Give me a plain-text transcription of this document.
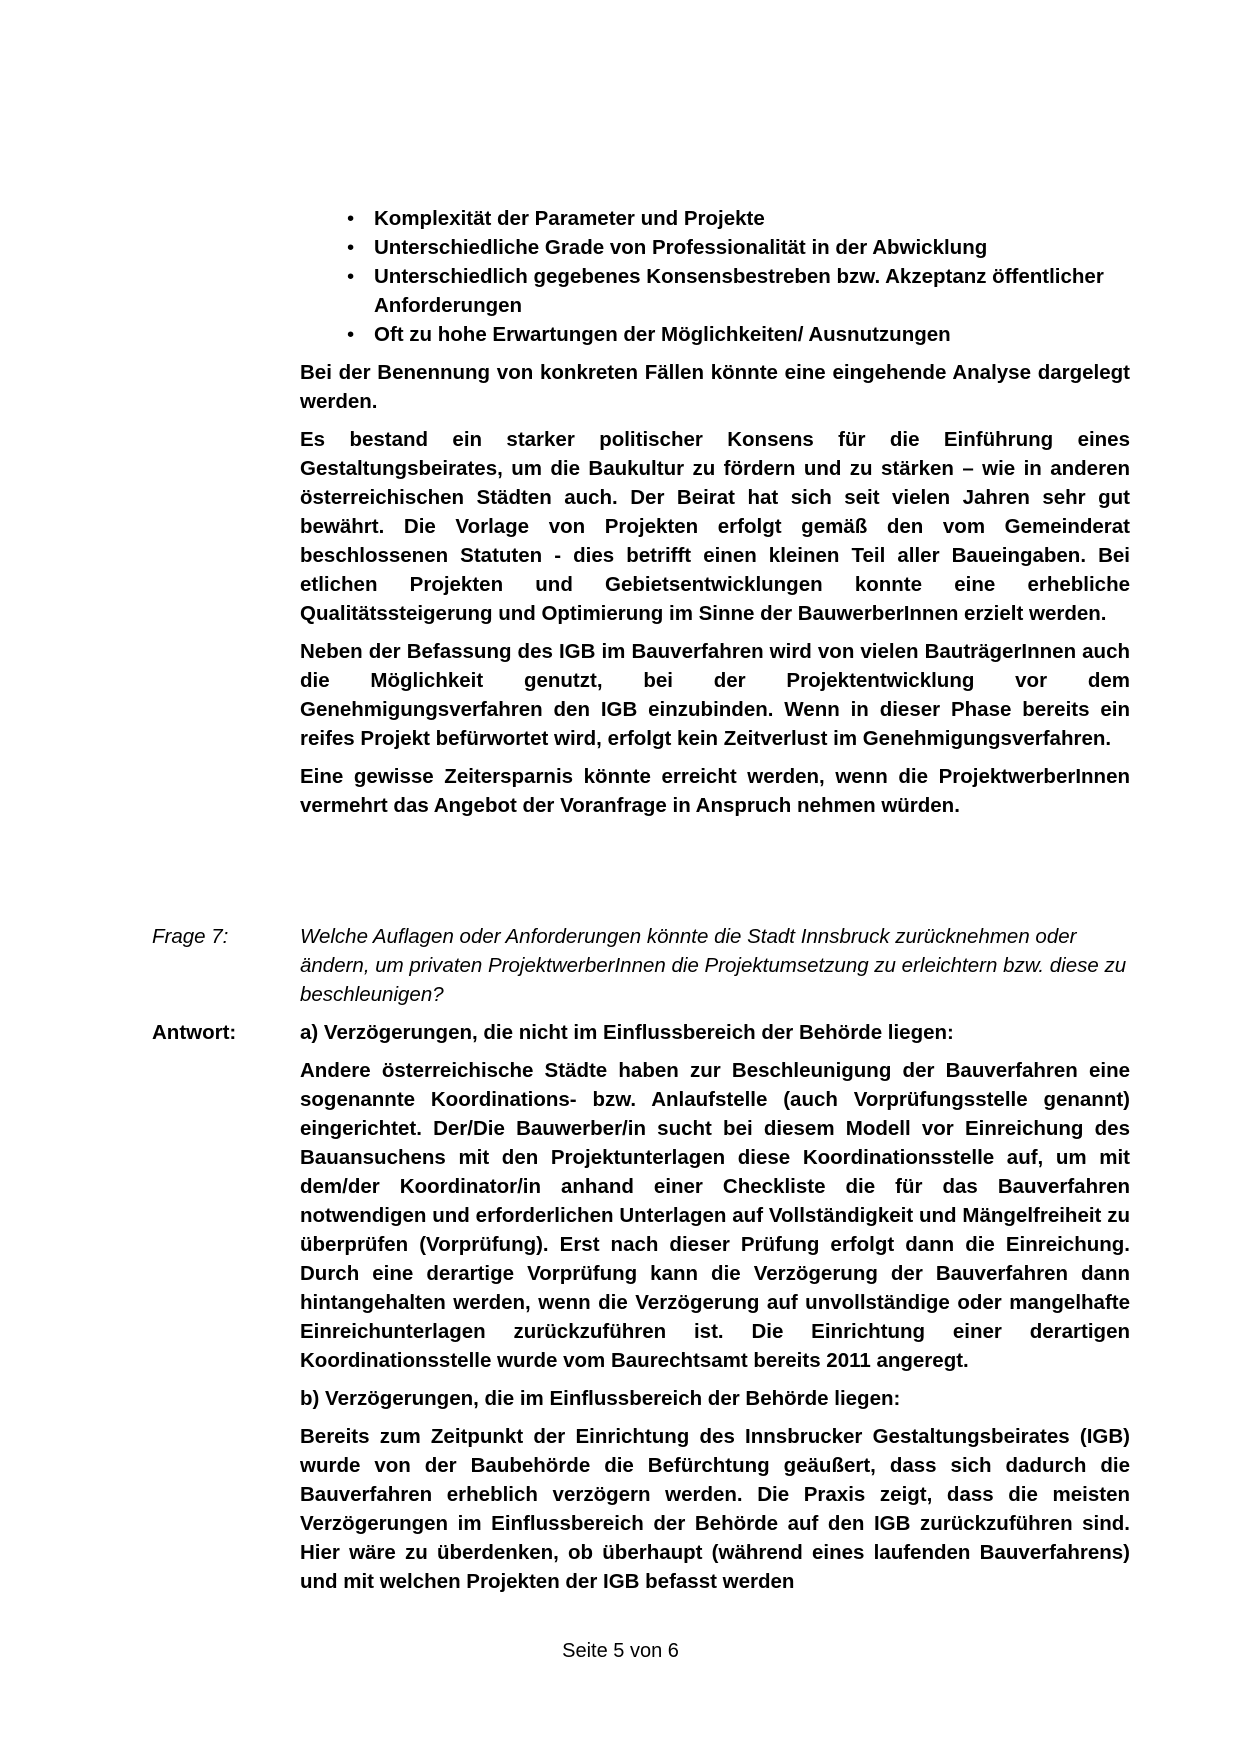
• Komplexität der Parameter und Projekte
• Unterschiedliche Grade von Professionalität in der Abwicklung
• Unterschiedlich gegebenes Konsensbestreben bzw. Akzeptanz öffentlicher Anforderungen
• Oft zu hohe Erwartungen der Möglichkeiten/ Ausnutzungen

Bei der Benennung von konkreten Fällen könnte eine eingehende Analyse dargelegt werden.

Es bestand ein starker politischer Konsens für die Einführung eines Gestaltungsbeirates, um die Baukultur zu fördern und zu stärken – wie in anderen österreichischen Städten auch. Der Beirat hat sich seit vielen Jahren sehr gut bewährt. Die Vorlage von Projekten erfolgt gemäß den vom Gemeinderat beschlossenen Statuten - dies betrifft einen kleinen Teil aller Baueingaben. Bei etlichen Projekten und Gebietsentwicklungen konnte eine erhebliche Qualitätssteigerung und Optimierung im Sinne der BauwerberInnen erzielt werden.

Neben der Befassung des IGB im Bauverfahren wird von vielen BauträgerInnen auch die Möglichkeit genutzt, bei der Projektentwicklung vor dem Genehmigungsverfahren den IGB einzubinden. Wenn in dieser Phase bereits ein reifes Projekt befürwortet wird, erfolgt kein Zeitverlust im Genehmigungsverfahren.

Eine gewisse Zeitersparnis könnte erreicht werden, wenn die ProjektwerberInnen vermehrt das Angebot der Voranfrage in Anspruch nehmen würden.

Frage 7:	Welche Auflagen oder Anforderungen könnte die Stadt Innsbruck zurücknehmen oder ändern, um privaten ProjektwerberInnen die Projektumsetzung zu erleichtern bzw. diese zu beschleunigen?
Antwort:	a) Verzögerungen, die nicht im Einflussbereich der Behörde liegen:

Andere österreichische Städte haben zur Beschleunigung der Bauverfahren eine sogenannte Koordinations- bzw. Anlaufstelle (auch Vorprüfungsstelle genannt) eingerichtet. Der/Die Bauwerber/in sucht bei diesem Modell vor Einreichung des Bauansuchens mit den Projektunterlagen diese Koordinationsstelle auf, um mit dem/der Koordinator/in anhand einer Checkliste die für das Bauverfahren notwendigen und erforderlichen Unterlagen auf Vollständigkeit und Mängelfreiheit zu überprüfen (Vorprüfung). Erst nach dieser Prüfung erfolgt dann die Einreichung. Durch eine derartige Vorprüfung kann die Verzögerung der Bauverfahren dann hintangehalten werden, wenn die Verzögerung auf unvollständige oder mangelhafte Einreichunterlagen zurückzuführen ist. Die Einrichtung einer derartigen Koordinationsstelle wurde vom Baurechtsamt bereits 2011 angeregt.

b) Verzögerungen, die im Einflussbereich der Behörde liegen:

Bereits zum Zeitpunkt der Einrichtung des Innsbrucker Gestaltungsbeirates (IGB) wurde von der Baubehörde die Befürchtung geäußert, dass sich dadurch die Bauverfahren erheblich verzögern werden. Die Praxis zeigt, dass die meisten Verzögerungen im Einflussbereich der Behörde auf den IGB zurückzuführen sind. Hier wäre zu überdenken, ob überhaupt (während eines laufenden Bauverfahrens) und mit welchen Projekten der IGB befasst werden

Seite 5 von 6
